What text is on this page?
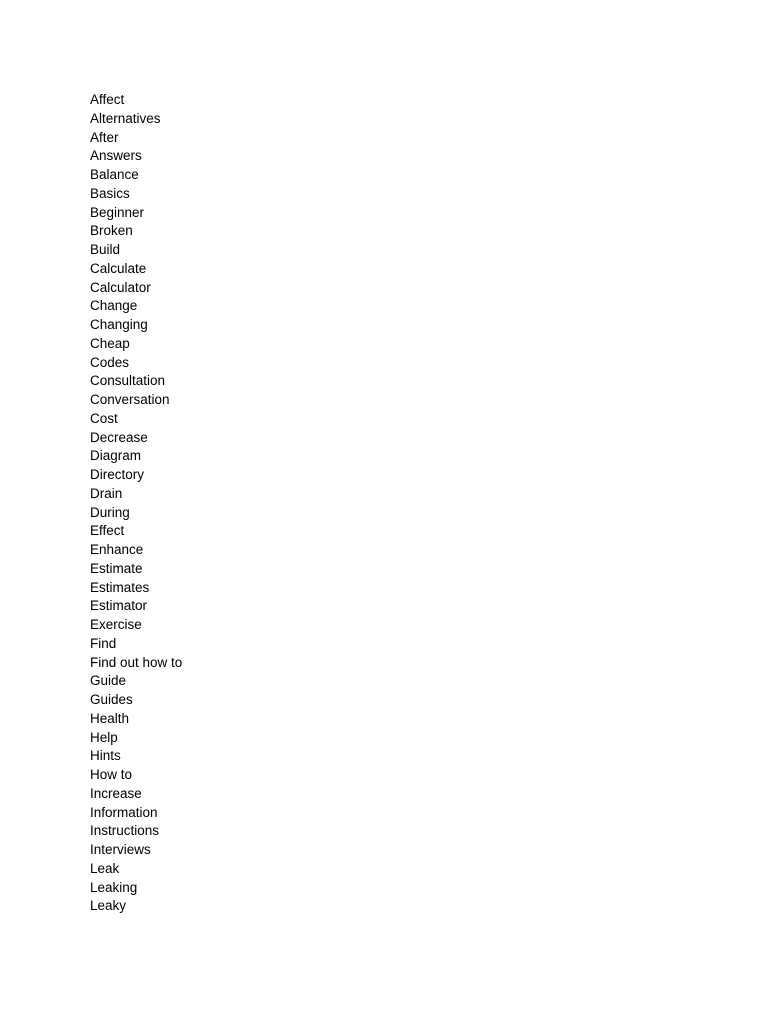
Affect
Alternatives
After
Answers
Balance
Basics
Beginner
Broken
Build
Calculate
Calculator
Change
Changing
Cheap
Codes
Consultation
Conversation
Cost
Decrease
Diagram
Directory
Drain
During
Effect
Enhance
Estimate
Estimates
Estimator
Exercise
Find
Find out how to
Guide
Guides
Health
Help
Hints
How to
Increase
Information
Instructions
Interviews
Leak
Leaking
Leaky
